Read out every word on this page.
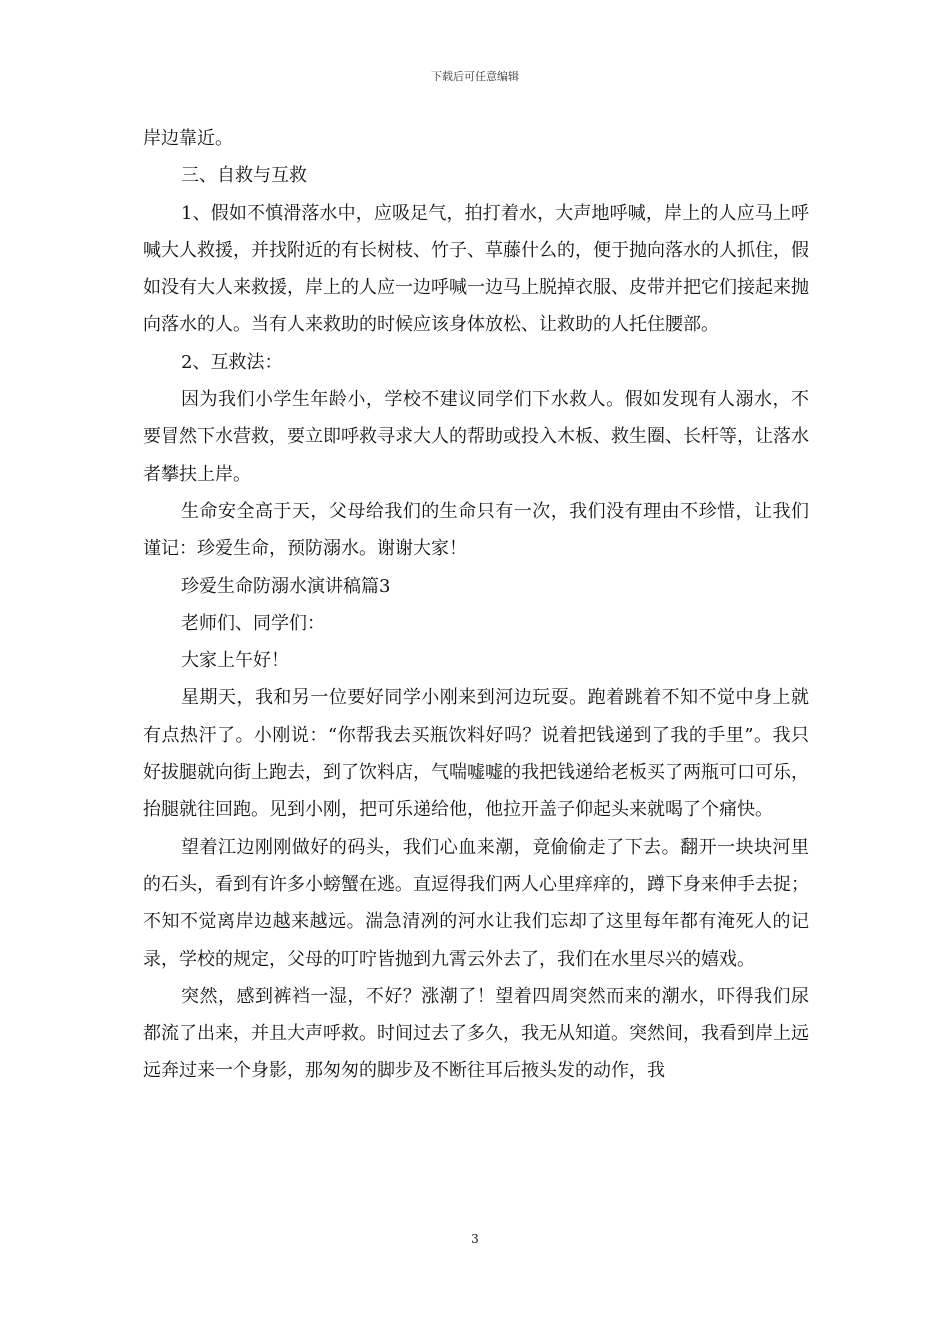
下载后可任意编辑

岸边靠近。

三、自救与互救

1、假如不慎滑落水中，应吸足气，拍打着水，大声地呼喊，岸上的人应马上呼喊大人救援，并找附近的有长树枝、竹子、草藤什么的，便于抛向落水的人抓住，假如没有大人来救援，岸上的人应一边呼喊一边马上脱掉衣服、皮带并把它们接起来抛向落水的人。当有人来救助的时候应该身体放松、让救助的人托住腰部。

2、互救法：

因为我们小学生年龄小，学校不建议同学们下水救人。假如发现有人溺水，不要冒然下水营救，要立即呼救寻求大人的帮助或投入木板、救生圈、长杆等，让落水者攀扶上岸。

生命安全高于天，父母给我们的生命只有一次，我们没有理由不珍惜，让我们谨记：珍爱生命，预防溺水。谢谢大家！

珍爱生命防溺水演讲稿篇3

老师们、同学们：

大家上午好！

星期天，我和另一位要好同学小刚来到河边玩耍。跑着跳着不知不觉中身上就有点热汗了。小刚说：“你帮我去买瓶饮料好吗？说着把钱递到了我的手里”。我只好拔腿就向街上跑去，到了饮料店，气喘嘘嘘的我把钱递给老板买了两瓶可口可乐，抬腿就往回跑。见到小刚，把可乐递给他，他拉开盖子仰起头来就喝了个痛快。

望着江边刚刚做好的码头，我们心血来潮，竟偷偷走了下去。翻开一块块河里的石头，看到有许多小螃蟹在逃。直逗得我们两人心里痒痒的，蹲下身来伸手去捉；不知不觉离岸边越来越远。湍急清冽的河水让我们忘却了这里每年都有淹死人的记录，学校的规定，父母的叮咛皆抛到九霄云外去了，我们在水里尽兴的嬉戏。

突然，感到裤裆一湿，不好？涨潮了！望着四周突然而来的潮水，吓得我们尿都流了出来，并且大声呼救。时间过去了多久，我无从知道。突然间，我看到岸上远远奔过来一个身影，那匆匆的脚步及不断往耳后掖头发的动作，我

3
